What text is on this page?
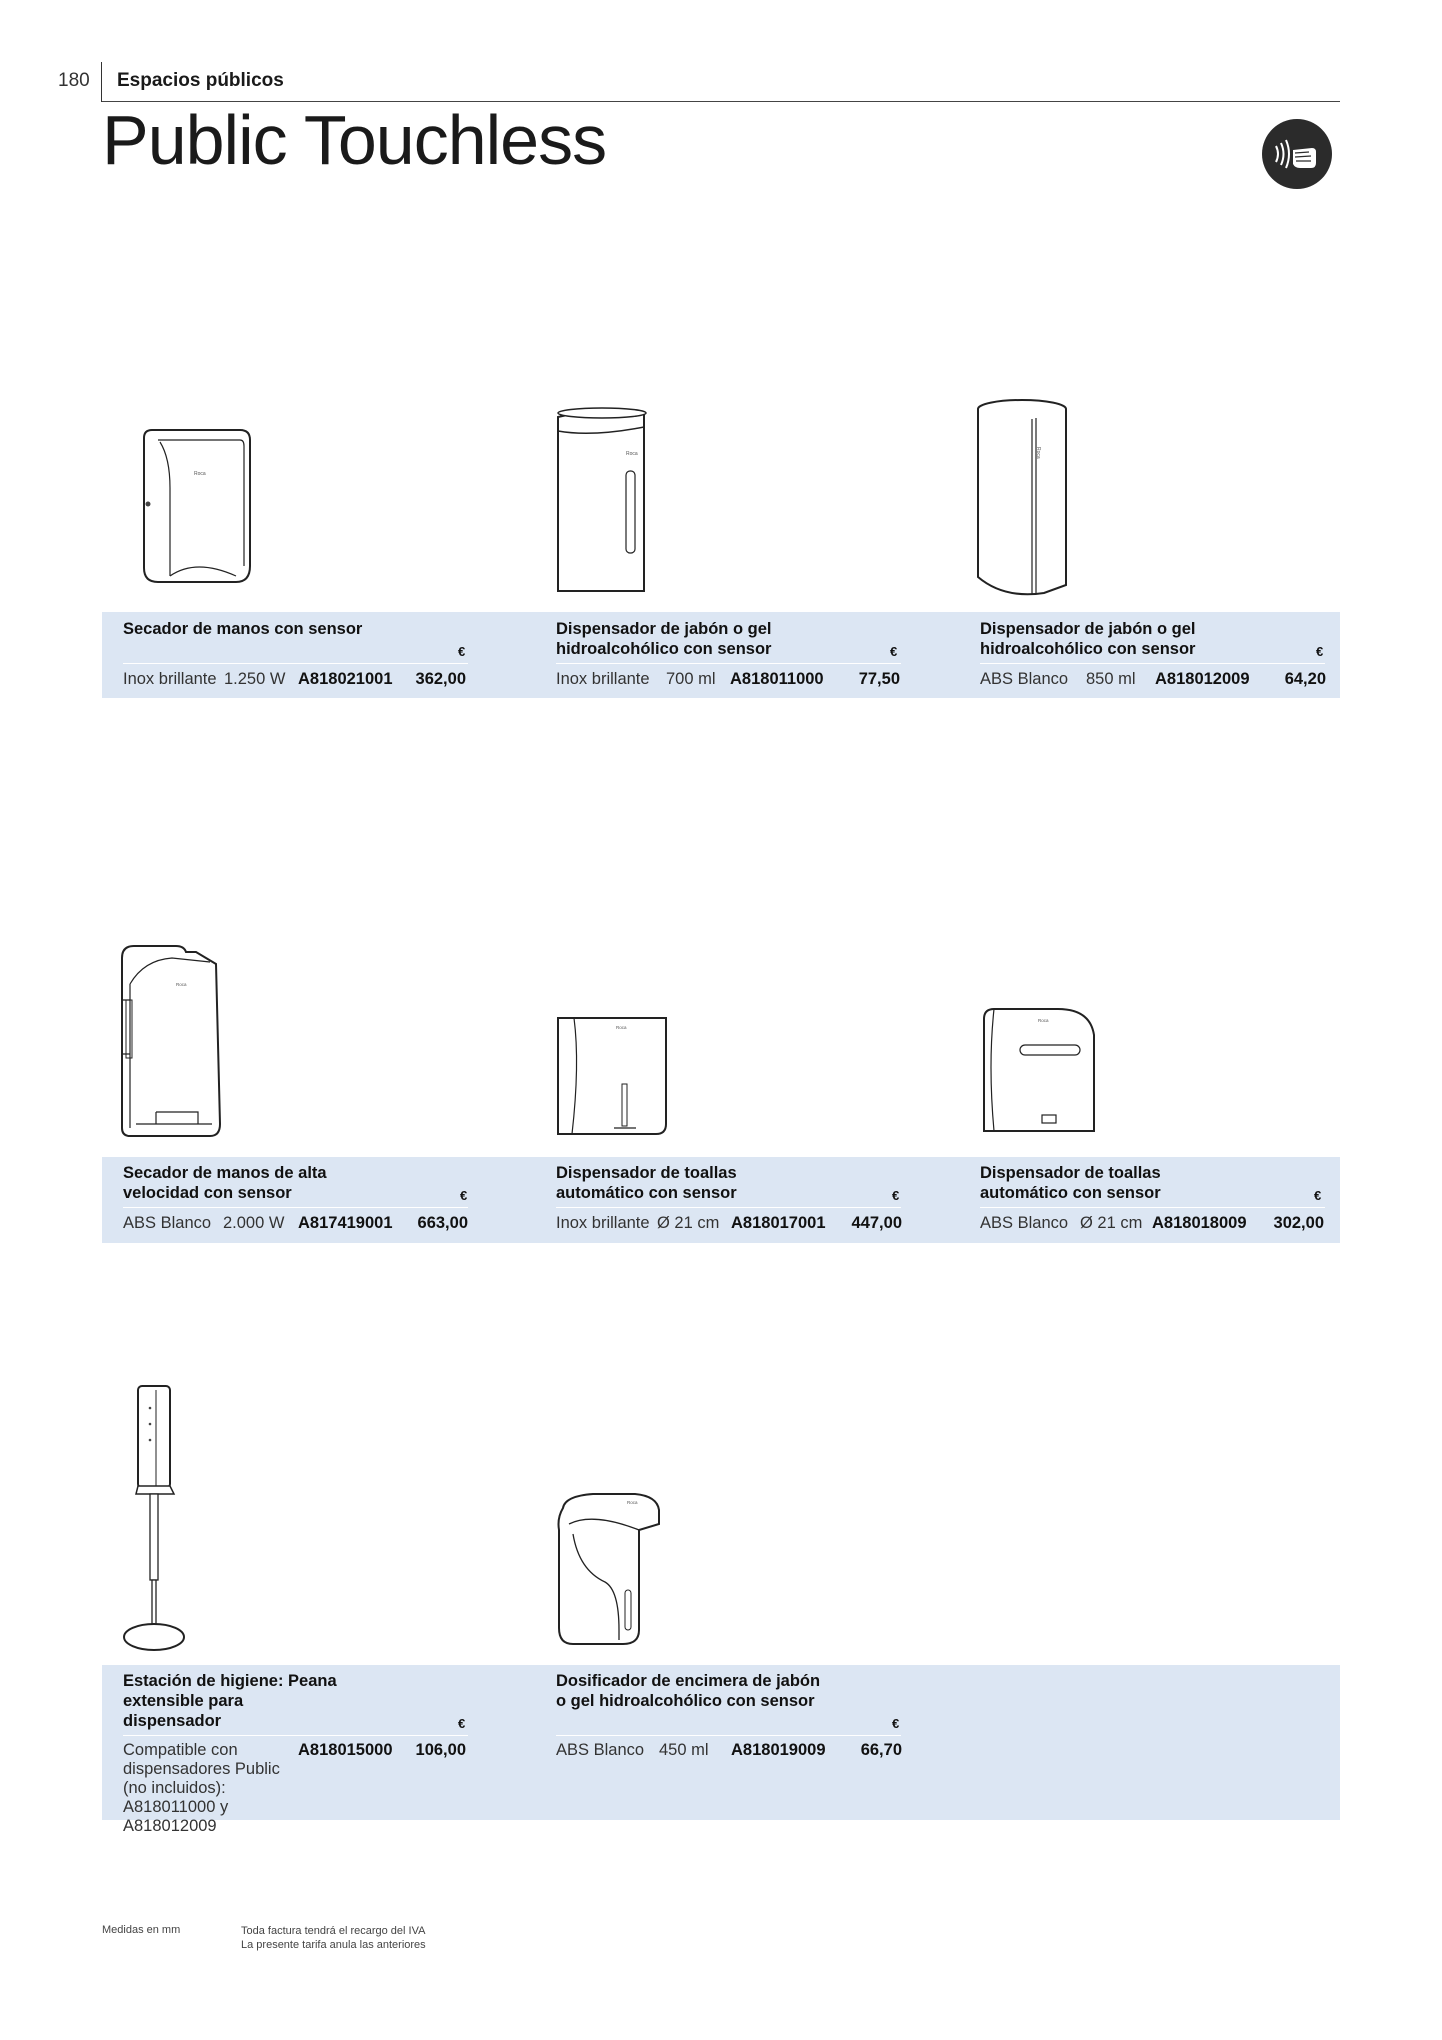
180 Espacios públicos
Public Touchless
Roca
Roca	Roca
Roca
Roca
Roca
Roca
Secador de manos con sensor
€
Inox brillante 1.250 W A818021001	362,00
Dispensador de jabón o gel hidroalcohólico con sensor	€
Inox brillante 700 ml A818011000	77,50
Dispensador de jabón o gel hidroalcohólico con sensor	€
ABS Blanco 850 ml A818012009	64,20
Secador de manos de alta velocidad con sensor	€
ABS Blanco 2.000 W A817419001	663,00
Dispensador de toallas automático con sensor	€
Inox brillante Ø 21 cm A818017001	447,00
Dispensador de toallas automático con sensor	€
ABS Blanco Ø 21 cm A818018009	302,00
Estación de higiene: Peana extensible para dispensador	€
Compatible con dispensadores Public (no incluidos): A818011000 y A818012009
A818015000	106,00
Dosificador de encimera de jabón o gel hidroalcohólico con sensor
€
ABS Blanco 450 ml A818019009	66,70
Medidas en mm	Toda factura tendrá el recargo del IVA
La presente tarifa anula las anteriores
